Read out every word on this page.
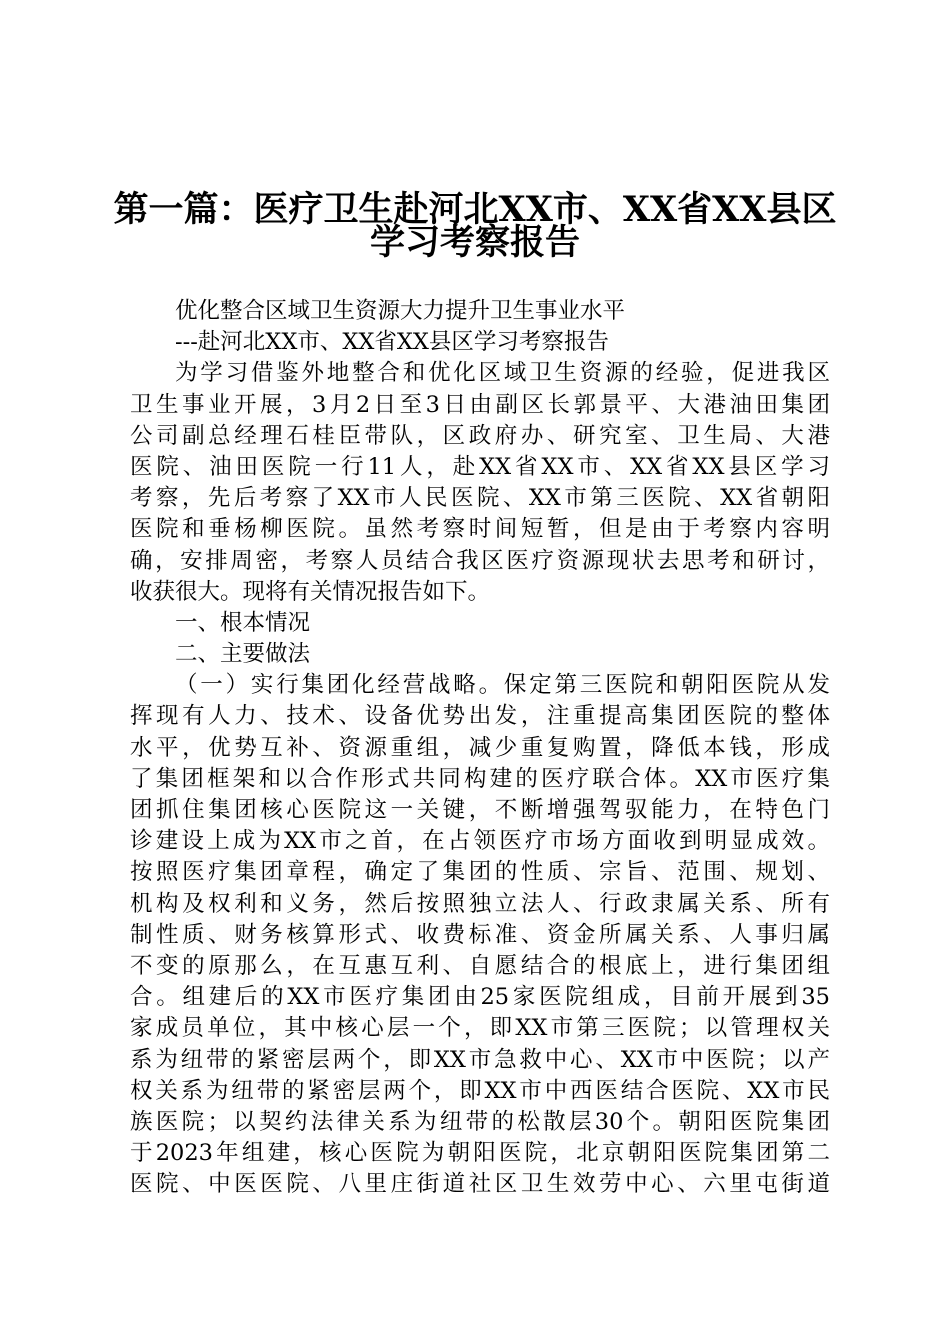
第一篇：医疗卫生赴河北XX市、XX省XX县区
学习考察报告
优化整合区域卫生资源大力提升卫生事业水平
---赴河北XX市、XX省XX县区学习考察报告
为学习借鉴外地整合和优化区域卫生资源的经验，促进我区
卫生事业开展，3月2日至3日由副区长郭景平、大港油田集团
公司副总经理石桂臣带队，区政府办、研究室、卫生局、大港
医院、油田医院一行11人，赴XX省XX市、XX省XX县区学习
考察，先后考察了XX市人民医院、XX市第三医院、XX省朝阳
医院和垂杨柳医院。虽然考察时间短暂，但是由于考察内容明
确，安排周密，考察人员结合我区医疗资源现状去思考和研讨，
收获很大。现将有关情况报告如下。
一、根本情况
二、主要做法
（一）实行集团化经营战略。保定第三医院和朝阳医院从发
挥现有人力、技术、设备优势出发，注重提高集团医院的整体
水平，优势互补、资源重组，减少重复购置，降低本钱，形成
了集团框架和以合作形式共同构建的医疗联合体。XX市医疗集
团抓住集团核心医院这一关键，不断增强驾驭能力，在特色门
诊建设上成为XX市之首，在占领医疗市场方面收到明显成效。
按照医疗集团章程，确定了集团的性质、宗旨、范围、规划、
机构及权利和义务，然后按照独立法人、行政隶属关系、所有
制性质、财务核算形式、收费标准、资金所属关系、人事归属
不变的原那么，在互惠互利、自愿结合的根底上，进行集团组
合。组建后的XX市医疗集团由25家医院组成，目前开展到35
家成员单位，其中核心层一个，即XX市第三医院；以管理权关
系为纽带的紧密层两个，即XX市急救中心、XX市中医院；以产
权关系为纽带的紧密层两个，即XX市中西医结合医院、XX市民
族医院；以契约法律关系为纽带的松散层30个。朝阳医院集团
于2023年组建，核心医院为朝阳医院，北京朝阳医院集团第二
医院、中医医院、八里庄街道社区卫生效劳中心、六里屯街道
